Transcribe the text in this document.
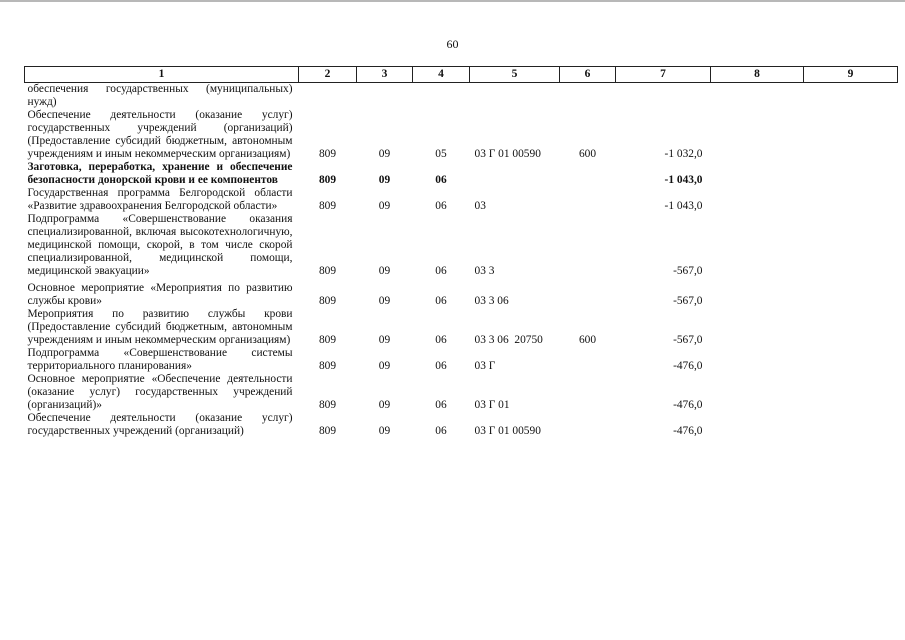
60
1	2	3	4	5	6	7	8	9
обеспечения государственных (муниципальных) нужд)								
Обеспечение деятельности (оказание услуг) государственных учреждений (организаций) (Предоставление субсидий бюджетным, автономным учреждениям и иным некоммерческим организациям)	809	09	05	03 Г 01 00590	600	-1 032,0		
Заготовка, переработка, хранение и обеспечение безопасности донорской крови и ее компонентов	809	09	06			-1 043,0		
Государственная программа Белгородской области «Развитие здравоохранения Белгородской области»	809	09	06	03		-1 043,0		
Подпрограмма «Совершенствование оказания специализированной, включая высокотехнологичную, медицинской помощи, скорой, в том числе скорой специализированной, медицинской помощи, медицинской эвакуации»	809	09	06	03 3		-567,0		
Основное мероприятие «Мероприятия по развитию службы крови»	809	09	06	03 3 06		-567,0		
Мероприятия по развитию службы крови (Предоставление субсидий бюджетным, автономным учреждениям и иным некоммерческим организациям)	809	09	06	03 3 06  20750	600	-567,0		
Подпрограмма «Совершенствование системы территориального планирования»	809	09	06	03 Г		-476,0		
Основное мероприятие «Обеспечение деятельности (оказание услуг) государственных учреждений (организаций)»	809	09	06	03 Г 01		-476,0		
Обеспечение деятельности (оказание услуг) государственных учреждений (организаций)	809	09	06	03 Г 01 00590		-476,0		
